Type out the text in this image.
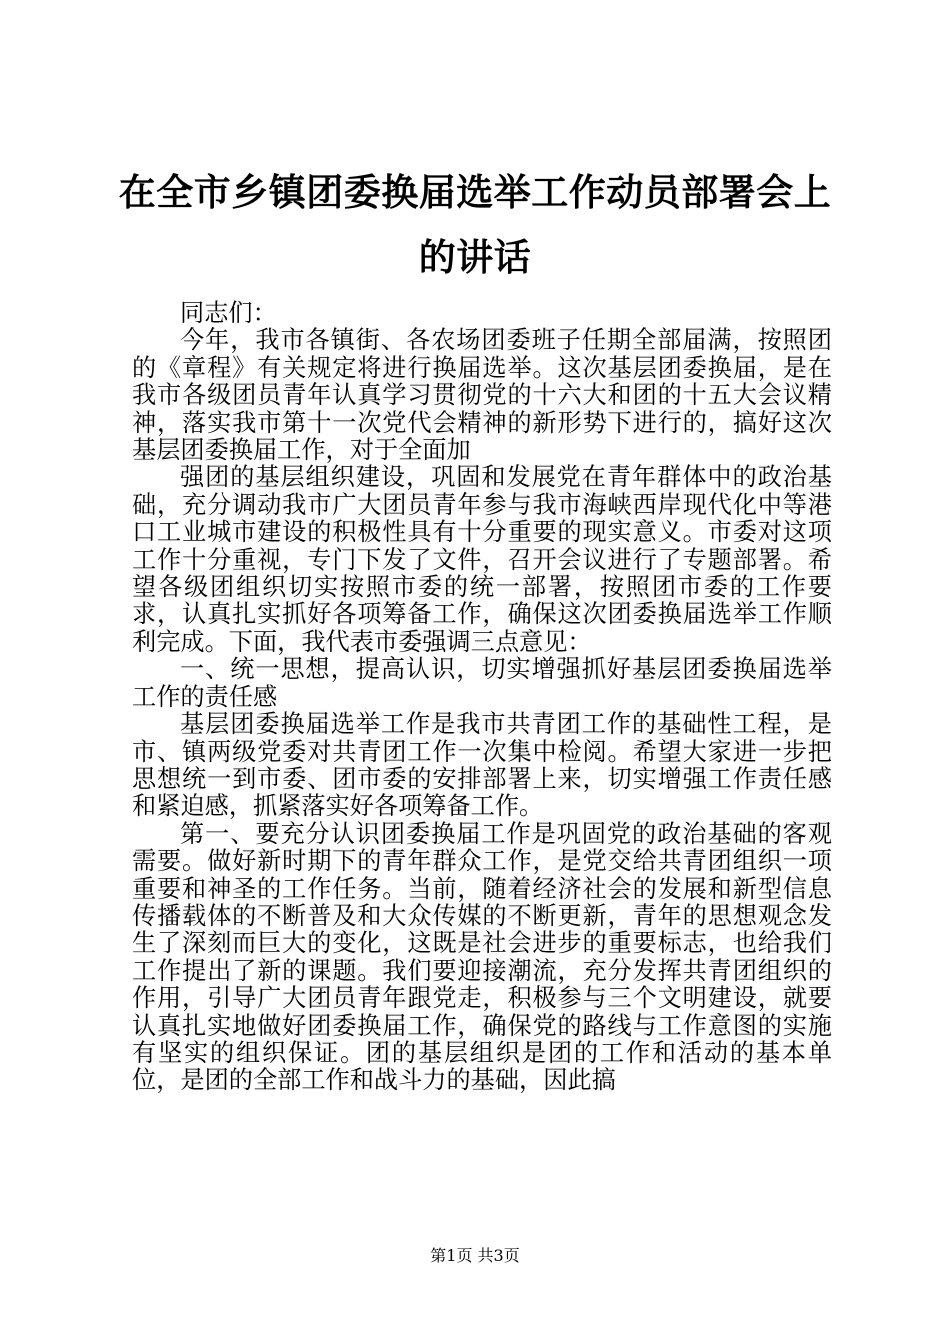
在全市乡镇团委换届选举工作动员部署会上的讲话

同志们：

今年，我市各镇街、各农场团委班子任期全部届满，按照团的《章程》有关规定将进行换届选举。这次基层团委换届，是在我市各级团员青年认真学习贯彻党的十六大和团的十五大会议精神，落实我市第十一次党代会精神的新形势下进行的，搞好这次基层团委换届工作，对于全面加

强团的基层组织建设，巩固和发展党在青年群体中的政治基础，充分调动我市广大团员青年参与我市海峡西岸现代化中等港口工业城市建设的积极性具有十分重要的现实意义。市委对这项工作十分重视，专门下发了文件，召开会议进行了专题部署。希望各级团组织切实按照市委的统一部署，按照团市委的工作要求，认真扎实抓好各项筹备工作，确保这次团委换届选举工作顺利完成。下面，我代表市委强调三点意见：

一、统一思想，提高认识，切实增强抓好基层团委换届选举工作的责任感

基层团委换届选举工作是我市共青团工作的基础性工程，是市、镇两级党委对共青团工作一次集中检阅。希望大家进一步把思想统一到市委、团市委的安排部署上来，切实增强工作责任感和紧迫感，抓紧落实好各项筹备工作。

第一、要充分认识团委换届工作是巩固党的政治基础的客观需要。做好新时期下的青年群众工作，是党交给共青团组织一项重要和神圣的工作任务。当前，随着经济社会的发展和新型信息传播载体的不断普及和大众传媒的不断更新，青年的思想观念发生了深刻而巨大的变化，这既是社会进步的重要标志，也给我们工作提出了新的课题。我们要迎接潮流，充分发挥共青团组织的作用，引导广大团员青年跟党走，积极参与三个文明建设，就要认真扎实地做好团委换届工作，确保党的路线与工作意图的实施有坚实的组织保证。团的基层组织是团的工作和活动的基本单位，是团的全部工作和战斗力的基础，因此搞

第1页 共3页
